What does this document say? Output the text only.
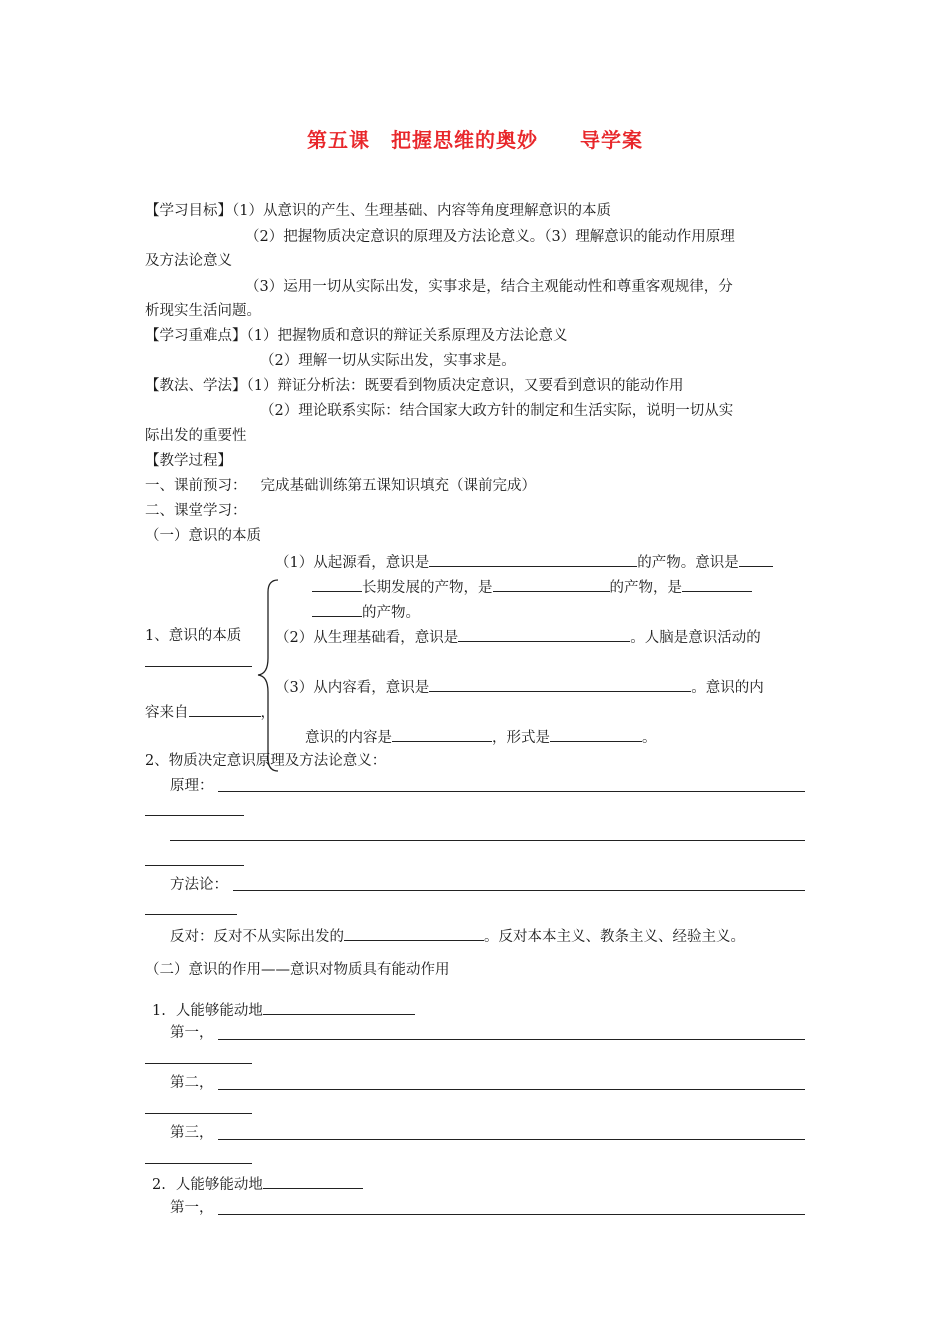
第五课　把握思维的奥妙　　导学案
【学习目标】（1）从意识的产生、生理基础、内容等角度理解意识的本质
（2）把握物质决定意识的原理及方法论意义。（3）理解意识的能动作用原理
及方法论意义
（3）运用一切从实际出发，实事求是，结合主观能动性和尊重客观规律，分
析现实生活问题。
【学习重难点】（1）把握物质和意识的辩证关系原理及方法论意义
（2）理解一切从实际出发，实事求是。
【教法、学法】（1）辩证分析法：既要看到物质决定意识，又要看到意识的能动作用
（2）理论联系实际：结合国家大政方针的制定和生活实际，说明一切从实
际出发的重要性
【教学过程】
一、课前预习： 完成基础训练第五课知识填充（课前完成）
二、课堂学习：
（一）意识的本质
（1）从起源看，意识是	的产物。意识是
长期发展的产物，是	的产物，是
的产物。
1、意识的本质 （2）从生理基础看，意识是	。人脑是意识活动的
（3）从内容看，意识是	。意识的内
容来自	，
意识的内容是	，形式是	。
2、物质决定意识原理及方法论意义：
原理：
方法论：
反对：反对不从实际出发的	。反对本本主义、教条主义、经验主义。
（二）意识的作用——意识对物质具有能动作用
1. 人能够能动地
第一，
第二，
第三，
2. 人能够能动地
第一，
